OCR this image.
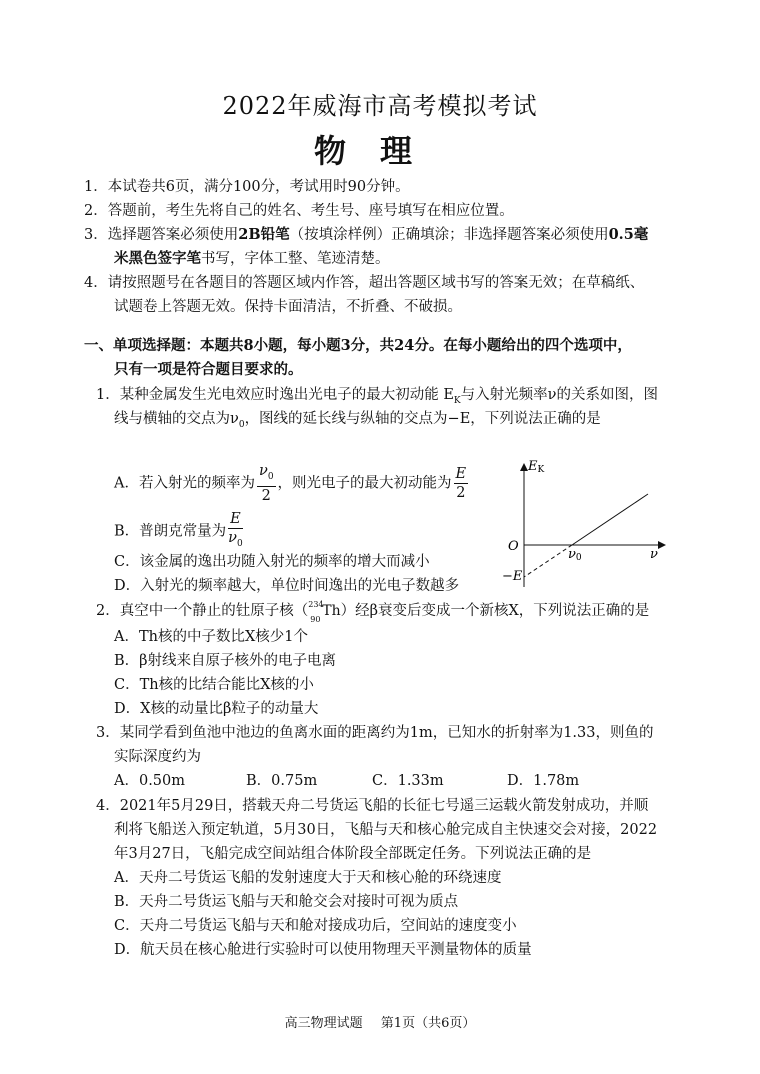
2022年威海市高考模拟考试
物理
1．本试卷共6页，满分100分，考试用时90分钟。
2．答题前，考生先将自己的姓名、考生号、座号填写在相应位置。
3．选择题答案必须使用2B铅笔（按填涂样例）正确填涂；非选择题答案必须使用0.5毫
米黑色签字笔书写，字体工整、笔迹清楚。
4．请按照题号在各题目的答题区域内作答，超出答题区域书写的答案无效；在草稿纸、
试题卷上答题无效。保持卡面清洁，不折叠、不破损。
一、单项选择题：本题共8小题，每小题3分，共24分。在每小题给出的四个选项中，
只有一项是符合题目要求的。
1．某种金属发生光电效应时逸出光电子的最大初动能 $E_K$与入射光频率ν的关系如图，图
线与横轴的交点为$\nu_0$，图线的延长线与纵轴的交点为−E，下列说法正确的是
A．若入射光的频率为 $\frac{\nu_0}{2}$ ，则光电子的最大初动能为 $\frac{E}{2}$
B．普朗克常量为 $\frac{E}{\nu_0}$
C．该金属的逸出功随入射光的频率的增大而减小
D．入射光的频率越大，单位时间逸出的光电子数越多
EK
O
ν0	ν
−E
2．真空中一个静止的钍原子核（ 234
90
Th）经β衰变后变成一个新核X，下列说法正确的是
A．Th核的中子数比X核少1个
B．β射线来自原子核外的电子电离
C．Th核的比结合能比X核的小
D．X核的动量比β粒子的动量大
3．某同学看到鱼池中池边的鱼离水面的距离约为1m，已知水的折射率为1.33，则鱼的
实际深度约为
A．0.50m	B．0.75m	C．1.33m	D．1.78m
4．2021年5月29日，搭载天舟二号货运飞船的长征七号遥三运载火箭发射成功，并顺
利将飞船送入预定轨道，5月30日，飞船与天和核心舱完成自主快速交会对接，2022
年3月27日，飞船完成空间站组合体阶段全部既定任务。下列说法正确的是
A．天舟二号货运飞船的发射速度大于天和核心舱的环绕速度
B．天舟二号货运飞船与天和舱交会对接时可视为质点
C．天舟二号货运飞船与天和舱对接成功后，空间站的速度变小
D．航天员在核心舱进行实验时可以使用物理天平测量物体的质量
高三物理试题 第1页（共6页）
